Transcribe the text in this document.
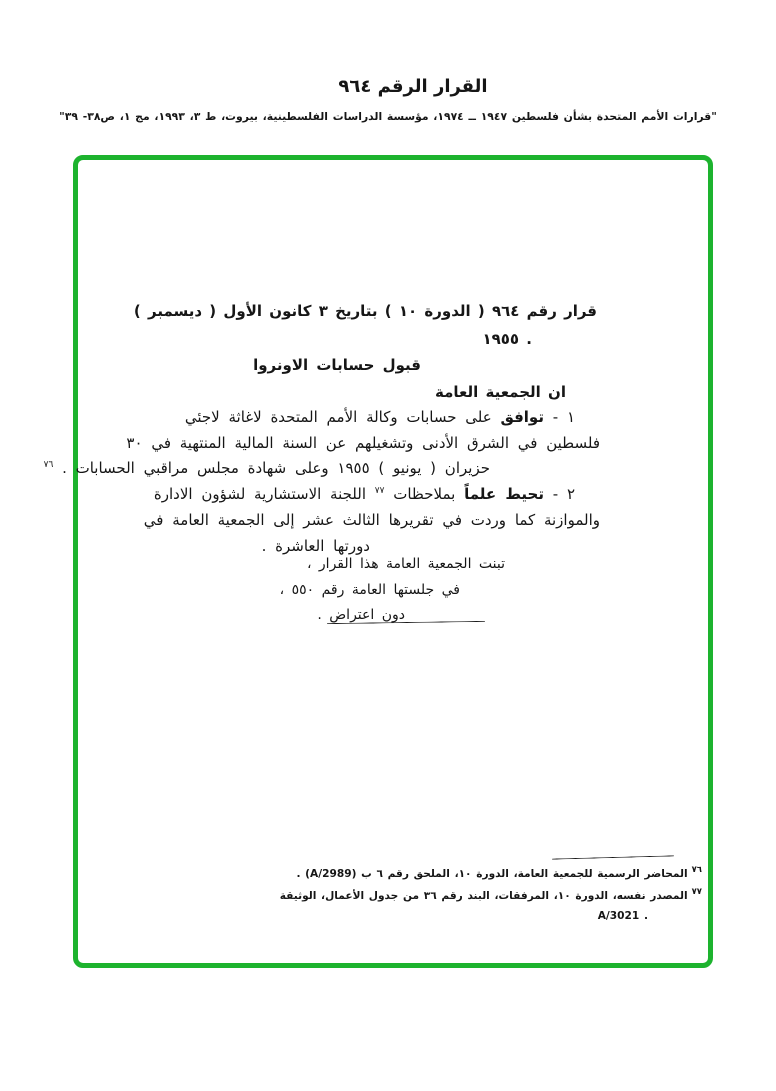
القرار الرقم ٩٦٤
"قرارات الأمم المتحدة بشأن فلسطين ١٩٤٧ ــ ١٩٧٤، مؤسسة الدراسات الفلسطينية، بيروت، ط ٣، ١٩٩٣، مج ١، ص٣٨- ٣٩"
قرار رقم ٩٦٤ ( الدورة ١٠ ) بتاريخ ٣ كانون الأول ( ديسمبر )
١٩٥٥ .
قبول حسابات الاونروا
ان الجمعية العامة
١ - توافق على حسابات وكالة الأمم المتحدة لاغاثة لاجئي
فلسطين في الشرق الأدنى وتشغيلهم عن السنة المالية المنتهية في ٣٠
حزيران ( يونيو ) ١٩٥٥ وعلى شهادة مجلس مراقبي الحسابات . $^{٧٦}$
٢ - تحيط علماً بملاحظات $^{٧٧}$ اللجنة الاستشارية لشؤون الادارة
والموازنة كما وردت في تقريرها الثالث عشر إلى الجمعية العامة في
دورتها العاشرة .
تبنت الجمعية العامة هذا القرار ،
في جلستها العامة رقم ٥٥٠ ،
دون اعتراض .
$^{٧٦}$المحاضر الرسمية للجمعية العامة، الدورة ١٠، الملحق رقم ٦ ب (A/2989) .
$^{٧٧}$المصدر نفسه، الدورة ١٠، المرفقات، البند رقم ٣٦ من جدول الأعمال، الوثيقة
A/3021 .
